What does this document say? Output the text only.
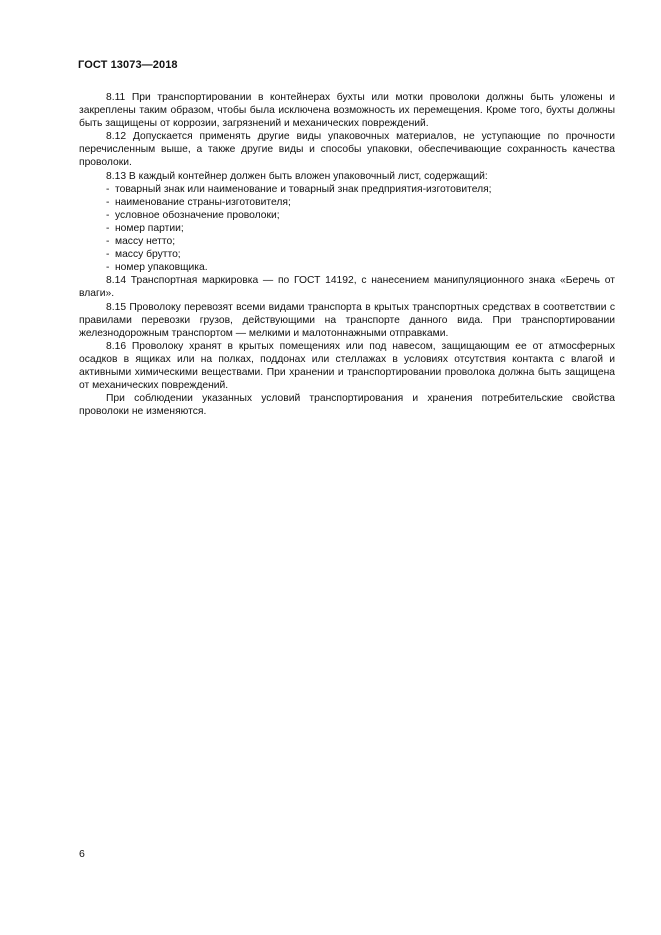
ГОСТ 13073—2018

8.11 При транспортировании в контейнерах бухты или мотки проволоки должны быть уложены и закреплены таким образом, чтобы была исключена возможность их перемещения. Кроме того, бухты должны быть защищены от коррозии, загрязнений и механических повреждений.

8.12 Допускается применять другие виды упаковочных материалов, не уступающие по прочности перечисленным выше, а также другие виды и способы упаковки, обеспечивающие сохранность качества проволоки.

8.13 В каждый контейнер должен быть вложен упаковочный лист, содержащий:

- товарный знак или наименование и товарный знак предприятия-изготовителя;
- наименование страны-изготовителя;
- условное обозначение проволоки;
- номер партии;
- массу нетто;
- массу брутто;
- номер упаковщика.

8.14 Транспортная маркировка — по ГОСТ 14192, с нанесением манипуляционного знака «Беречь от влаги».

8.15 Проволоку перевозят всеми видами транспорта в крытых транспортных средствах в соответствии с правилами перевозки грузов, действующими на транспорте данного вида. При транспортировании железнодорожным транспортом — мелкими и малотоннажными отправками.

8.16 Проволоку хранят в крытых помещениях или под навесом, защищающим ее от атмосферных осадков в ящиках или на полках, поддонах или стеллажах в условиях отсутствия контакта с влагой и активными химическими веществами. При хранении и транспортировании проволока должна быть защищена от механических повреждений.

При соблюдении указанных условий транспортирования и хранения потребительские свойства проволоки не изменяются.

6
